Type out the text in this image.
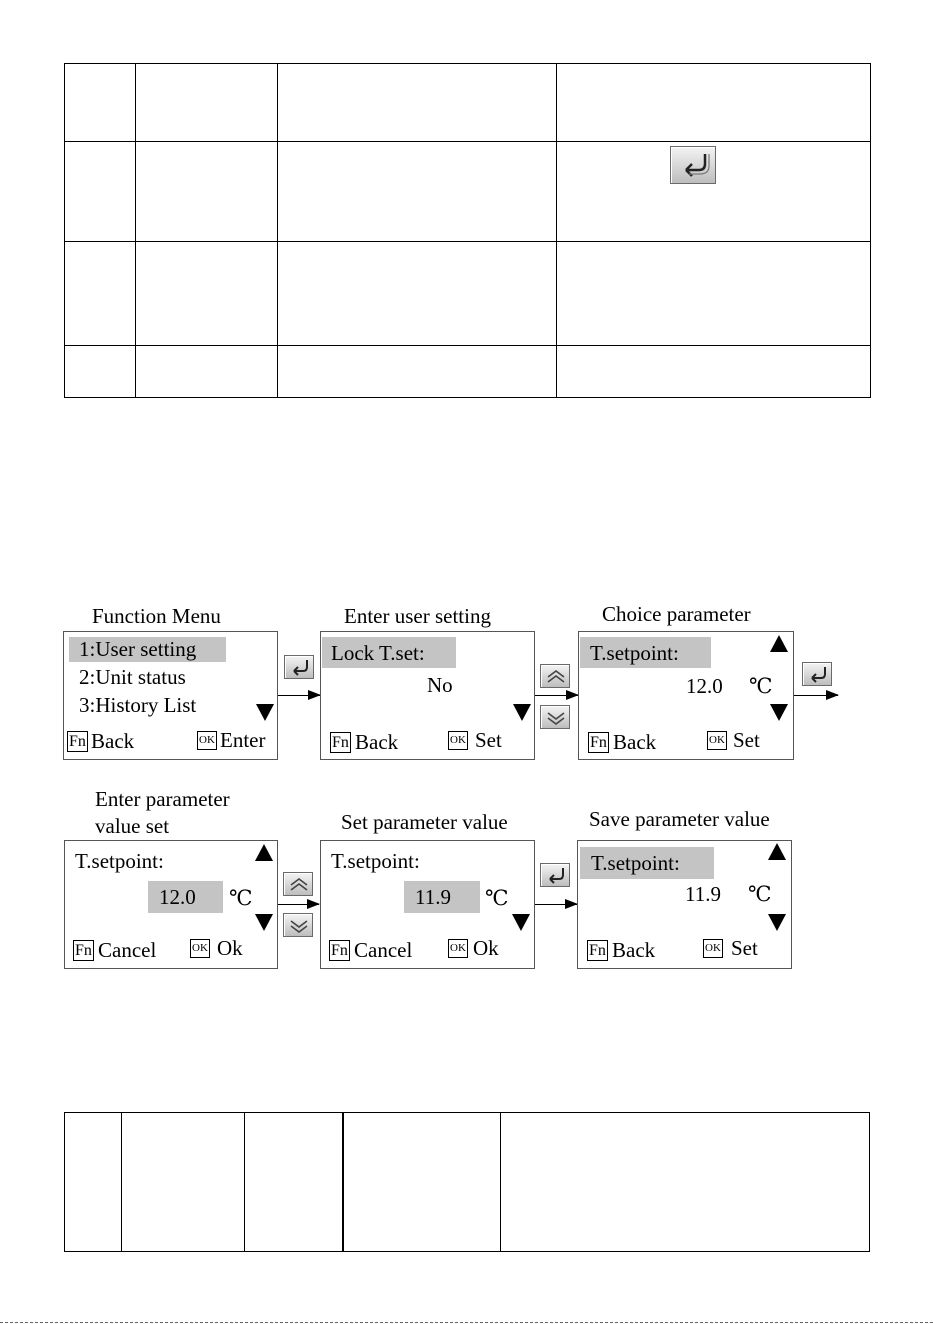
Function Menu	Enter user setting	Choice parameter
1:User setting
2:Unit status
3:History List
Fn Back	OK Enter
Lock T.set:
No
Fn Back	OK Set
T.setpoint:
12.0 ℃
Fn Back	OK Set
Enter parameter
value set	Set parameter value	Save parameter value
T.setpoint:
12.0 ℃
Fn Cancel	OK Ok
T.setpoint:
11.9 ℃
Fn Cancel	OK Ok
T.setpoint:
11.9 ℃
Fn Back	OK Set
